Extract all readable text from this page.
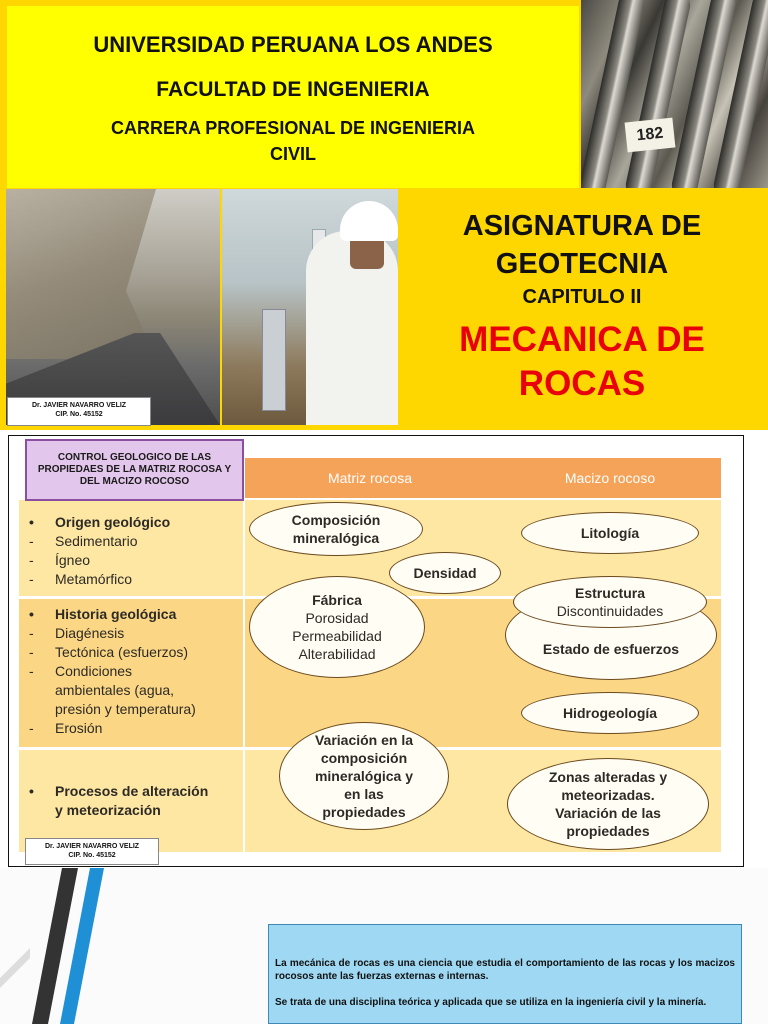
UNIVERSIDAD PERUANA LOS ANDES
FACULTAD DE INGENIERIA
CARRERA PROFESIONAL DE INGENIERIA
CIVIL
182
Dr. JAVIER NAVARRO VELIZ
CIP. No. 45152
ASIGNATURA DE
GEOTECNIA
CAPITULO II
MECANICA DE
ROCAS
Matriz rocosa	Macizo rocoso
CONTROL GEOLOGICO DE LAS PROPIEDAES DE LA MATRIZ ROCOSA Y DEL MACIZO ROCOSO
• Origen geológico
- Sedimentario
- Ígneo
- Metamórfico
• Historia geológica
- Diagénesis
- Tectónica (esfuerzos)
- Condiciones
ambientales (agua,
presión y temperatura)
- Erosión
• Procesos de alteración
y meteorización
Composición
mineralógica
Densidad
Fábrica
Porosidad
Permeabilidad
Alterabilidad
Variación en la
composición
mineralógica y
en las
propiedades
Litología
Estado de esfuerzos
Estructura
Discontinuidades
Hidrogeología
Zonas alteradas y
meteorizadas.
Variación de las
propiedades
Dr. JAVIER NAVARRO VELIZ
CIP. No. 45152
La mecánica de rocas es una ciencia que estudia el comportamiento de las rocas y los macizos rocosos ante las fuerzas externas e internas.
Se trata de una disciplina teórica y aplicada que se utiliza en la ingeniería civil y la minería.
